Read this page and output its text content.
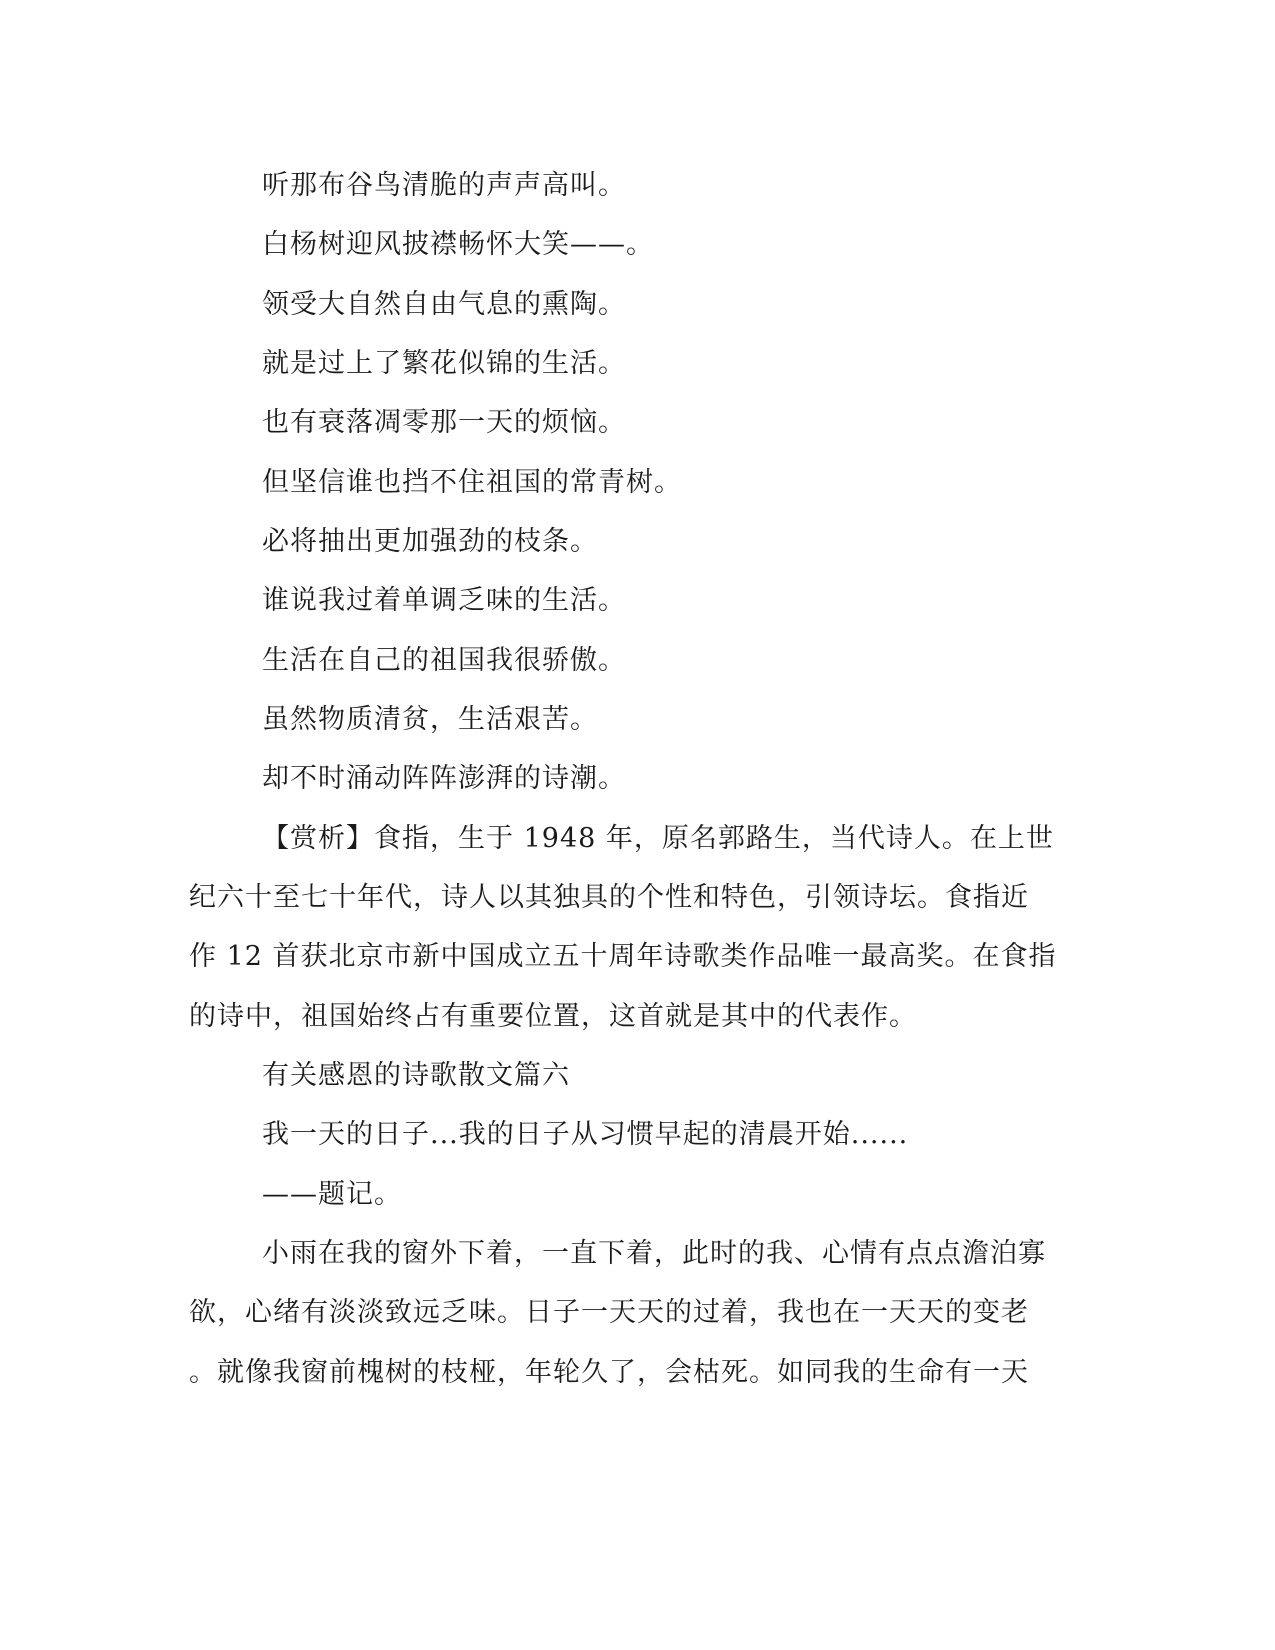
听那布谷鸟清脆的声声高叫。
白杨树迎风披襟畅怀大笑——。
领受大自然自由气息的熏陶。
就是过上了繁花似锦的生活。
也有衰落凋零那一天的烦恼。
但坚信谁也挡不住祖国的常青树。
必将抽出更加强劲的枝条。
谁说我过着单调乏味的生活。
生活在自己的祖国我很骄傲。
虽然物质清贫，生活艰苦。
却不时涌动阵阵澎湃的诗潮。
【赏析】食指，生于 1948 年，原名郭路生，当代诗人。在上世
纪六十至七十年代，诗人以其独具的个性和特色，引领诗坛。食指近
作 12 首获北京市新中国成立五十周年诗歌类作品唯一最高奖。在食指
的诗中，祖国始终占有重要位置，这首就是其中的代表作。
有关感恩的诗歌散文篇六
我一天的日子...我的日子从习惯早起的清晨开始......
——题记。
小雨在我的窗外下着，一直下着，此时的我、心情有点点澹泊寡
欲，心绪有淡淡致远乏味。日子一天天的过着，我也在一天天的变老
。就像我窗前槐树的枝桠，年轮久了，会枯死。如同我的生命有一天
